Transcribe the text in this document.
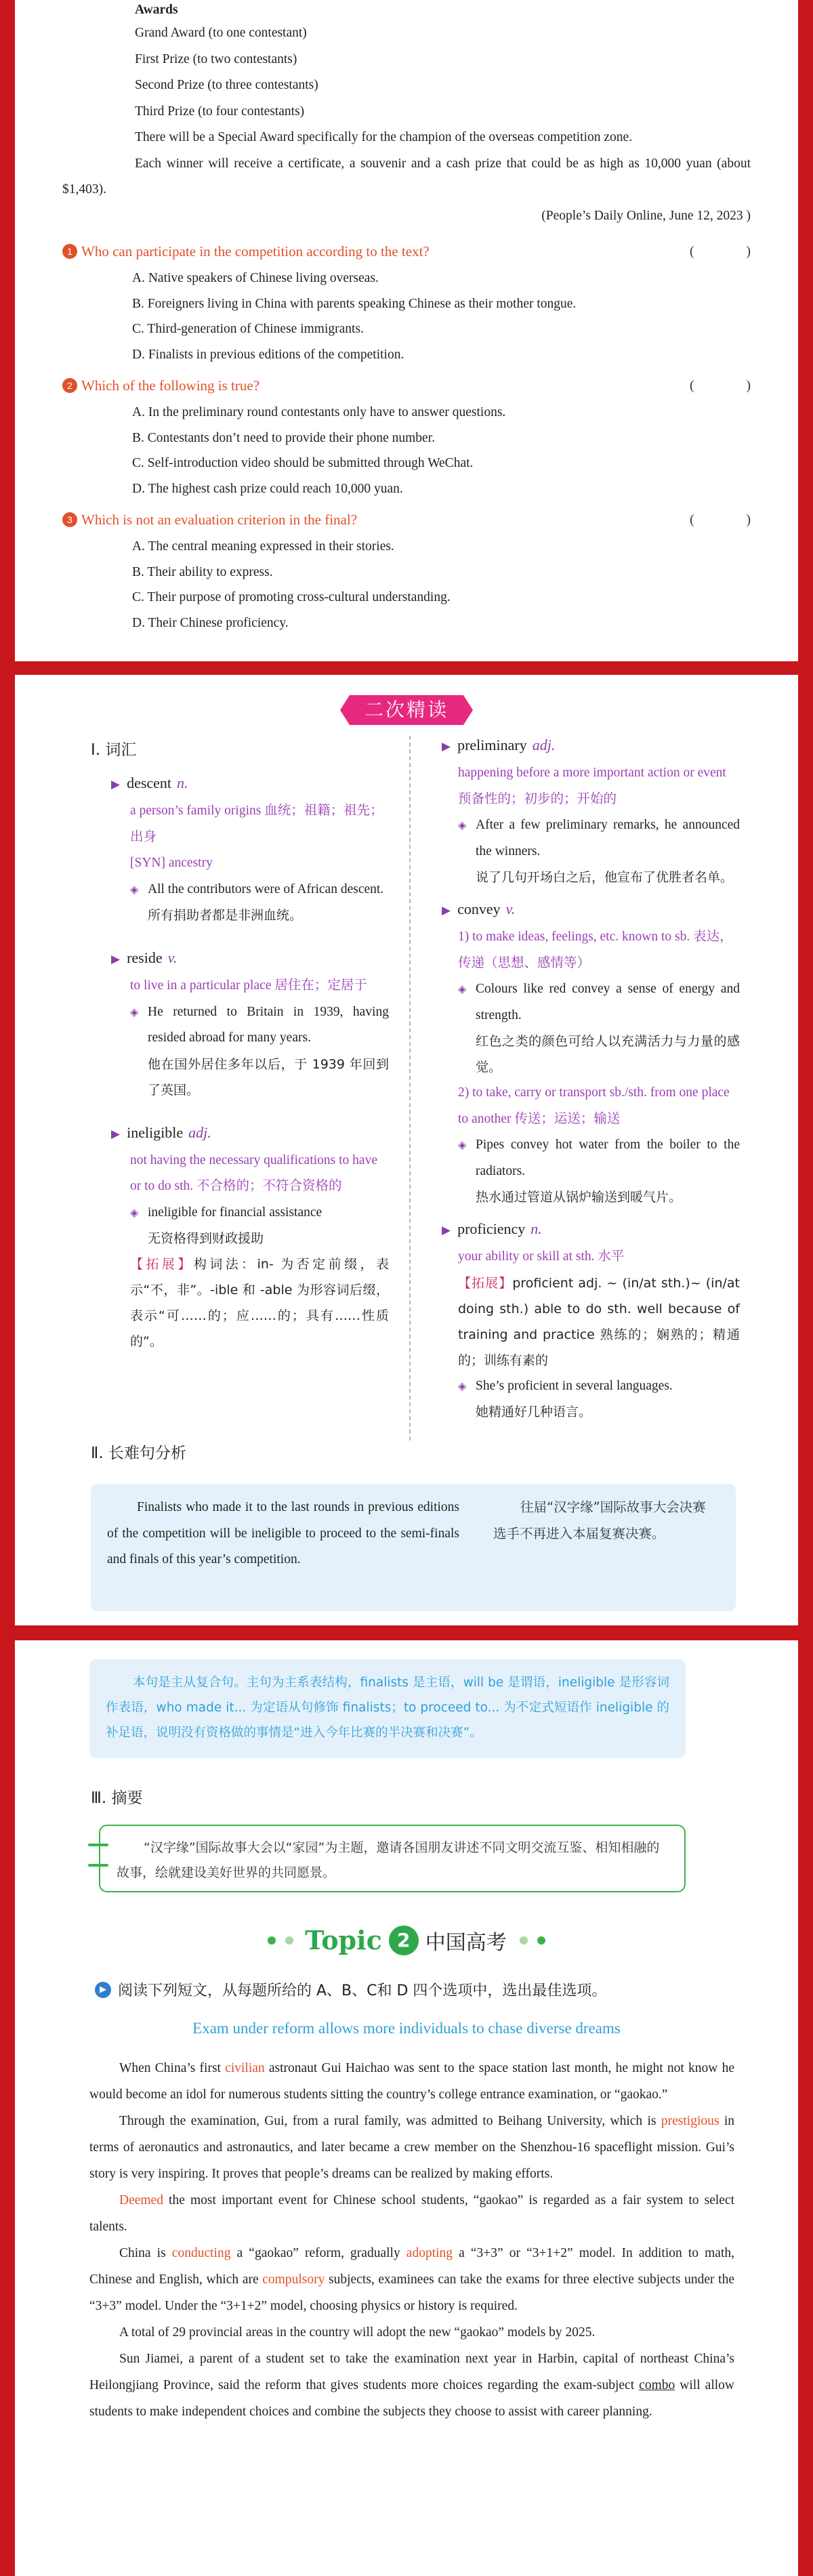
Awards
Grand Award (to one contestant)
First Prize (to two contestants)
Second Prize (to three contestants)
Third Prize (to four contestants)
There will be a Special Award specifically for the champion of the overseas competition zone.
Each winner will receive a certificate, a souvenir and a cash prize that could be as high as 10,000 yuan (about $1,403).
(People’s Daily Online, June 12, 2023 )
1 Who can participate in the competition according to the text?	(	)
A. Native speakers of Chinese living overseas.
B. Foreigners living in China with parents speaking Chinese as their mother tongue.
C. Third-generation of Chinese immigrants.
D. Finalists in previous editions of the competition.
2 Which of the following is true?	(	)
A. In the preliminary round contestants only have to answer questions.
B. Contestants don’t need to provide their phone number.
C. Self-introduction video should be submitted through WeChat.
D. The highest cash prize could reach 10,000 yuan.
3 Which is not an evaluation criterion in the final?	(	)
A. The central meaning expressed in their stories.
B. Their ability to express.
C. Their purpose of promoting cross-cultural understanding.
D. Their Chinese proficiency.
二次精读
Ⅰ. 词汇
▶ descent n.
a person’s family origins 血统；祖籍；祖先；出身
[SYN] ancestry
◈ All the contributors were of African descent.
所有捐助者都是非洲血统。
▶ reside v.
to live in a particular place 居住在；定居于
◈ He returned to Britain in 1939, having resided abroad for many years.
他在国外居住多年以后，于 1939 年回到了英国。
▶ ineligible adj.
not having the necessary qualifications to have or to do sth. 不合格的；不符合资格的
◈ ineligible for financial assistance
无资格得到财政援助
【拓展】构词法：in- 为否定前缀，表示“不，非”。-ible 和 -able 为形容词后缀，表示“可……的；应……的；具有……性质的”。
▶ preliminary adj.
happening before a more important action or event 预备性的；初步的；开始的
◈ After a few preliminary remarks, he announced the winners.
说了几句开场白之后，他宣布了优胜者名单。
▶ convey v.
1) to make ideas, feelings, etc. known to sb. 表达，传递（思想、感情等）
◈ Colours like red convey a sense of energy and strength.
红色之类的颜色可给人以充满活力与力量的感觉。
2) to take, carry or transport sb./sth. from one place to another 传送；运送；输送
◈ Pipes convey hot water from the boiler to the radiators.
热水通过管道从锅炉输送到暖气片。
▶ proficiency n.
your ability or skill at sth. 水平
【拓展】proficient adj. ~ (in/at sth.)~ (in/at doing sth.) able to do sth. well because of training and practice 熟练的；娴熟的；精通的；训练有素的
◈ She’s proficient in several languages.
她精通好几种语言。
Ⅱ. 长难句分析
Finalists who made it to the last rounds in previous editions of the competition will be ineligible to proceed to the semi-finals and finals of this year’s competition.
往届“汉字缘”国际故事大会决赛选手不再进入本届复赛决赛。
本句是主从复合句。主句为主系表结构，finalists 是主语，will be 是谓语，ineligible 是形容词作表语，who made it... 为定语从句修饰 finalists；to proceed to... 为不定式短语作 ineligible 的补足语，说明没有资格做的事情是“进入今年比赛的半决赛和决赛”。
Ⅲ. 摘要
“汉字缘”国际故事大会以“家园”为主题，邀请各国朋友讲述不同文明交流互鉴、相知相融的故事，绘就建设美好世界的共同愿景。
Topic 2 中国高考
▶ 阅读下列短文，从每题所给的 A、B、C和 D 四个选项中，选出最佳选项。
Exam under reform allows more individuals to chase diverse dreams

When China’s first civilian astronaut Gui Haichao was sent to the space station last month, he might not know he would become an idol for numerous students sitting the country’s college entrance examination, or “gaokao.”

Through the examination, Gui, from a rural family, was admitted to Beihang University, which is prestigious in terms of aeronautics and astronautics, and later became a crew member on the Shenzhou-16 spaceflight mission. Gui’s story is very inspiring. It proves that people’s dreams can be realized by making efforts.

Deemed the most important event for Chinese school students, “gaokao” is regarded as a fair system to select talents.

China is conducting a “gaokao” reform, gradually adopting a “3+3” or “3+1+2” model. In addition to math, Chinese and English, which are compulsory subjects, examinees can take the exams for three elective subjects under the “3+3” model. Under the “3+1+2” model, choosing physics or history is required.

A total of 29 provincial areas in the country will adopt the new “gaokao” models by 2025.

Sun Jiamei, a parent of a student set to take the examination next year in Harbin, capital of northeast China’s Heilongjiang Province, said the reform that gives students more choices regarding the exam-subject combo will allow students to make independent choices and combine the subjects they choose to assist with career planning.
